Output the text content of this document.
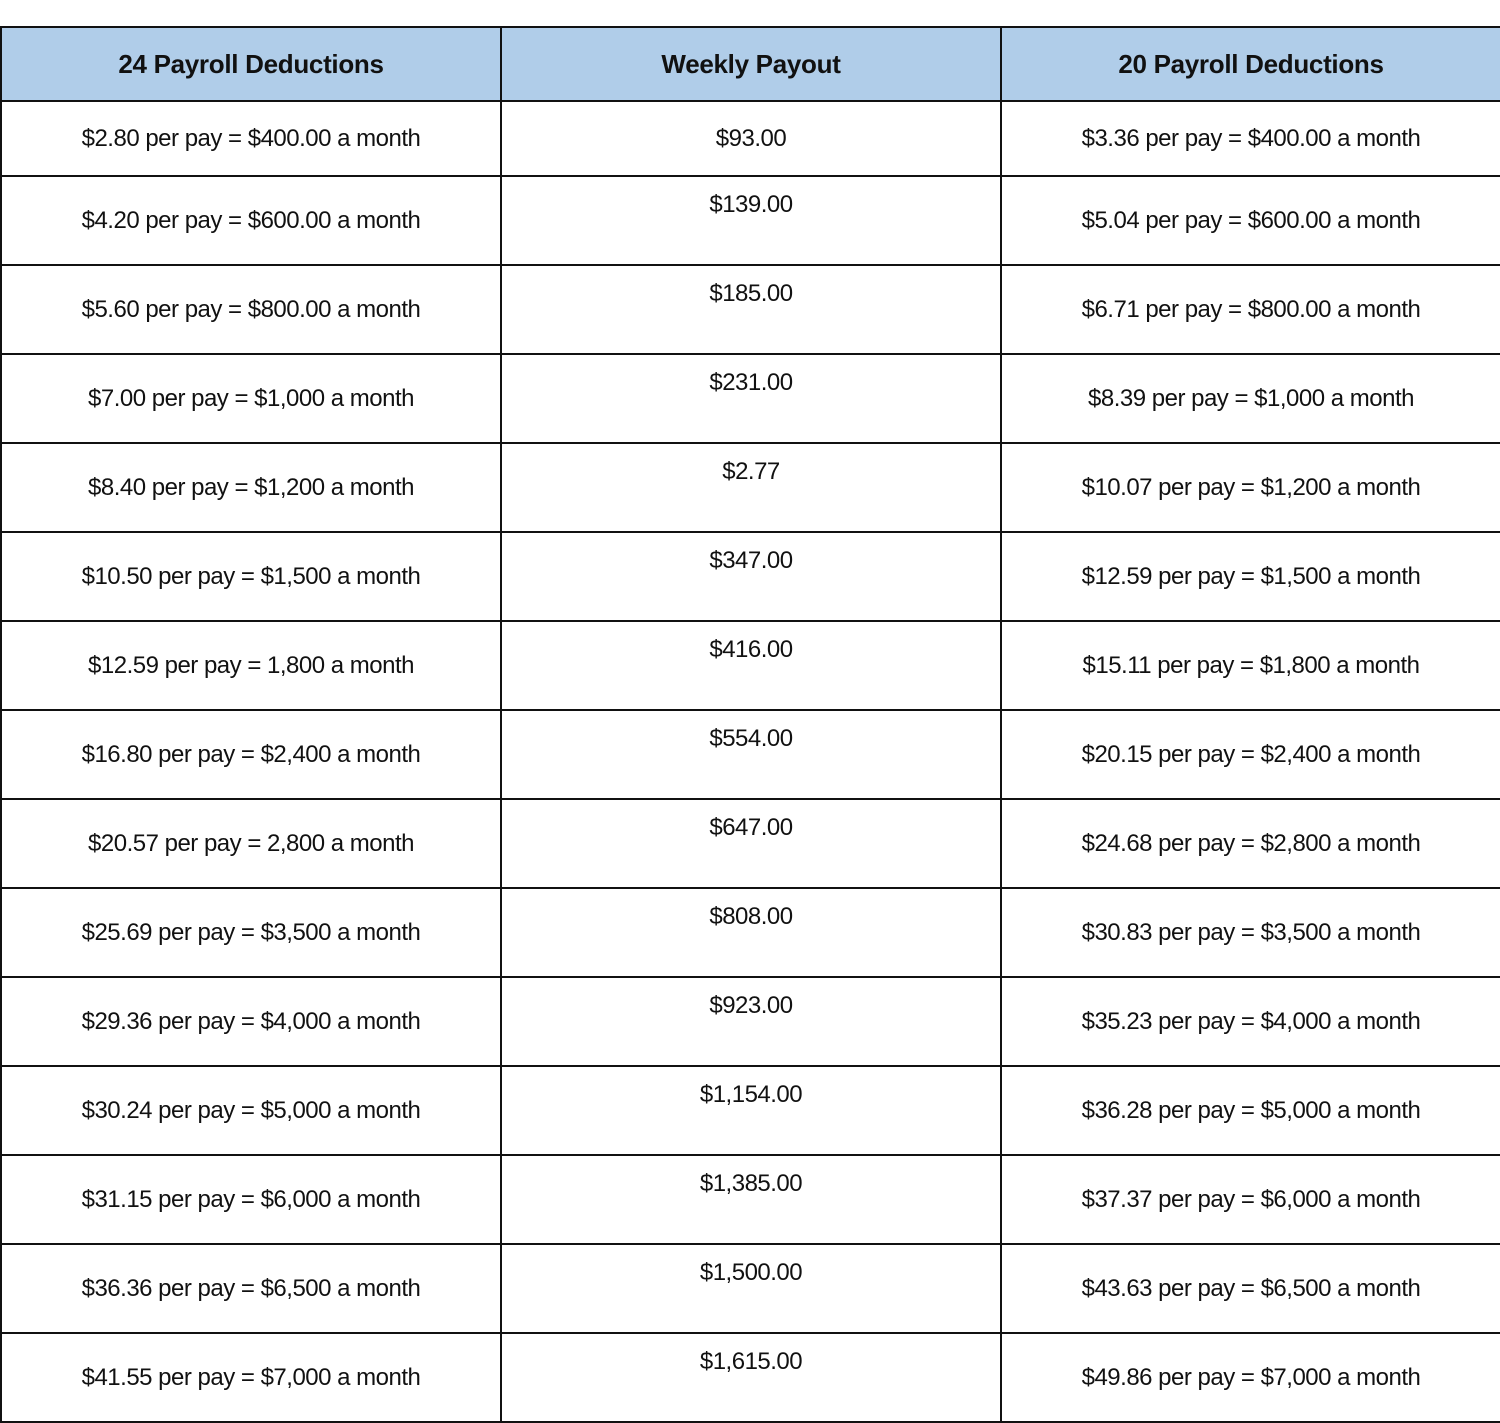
24 Payroll Deductions	Weekly Payout	20 Payroll Deductions
$2.80 per pay = $400.00 a month	$93.00	$3.36 per pay = $400.00 a month
$4.20 per pay = $600.00 a month	$139.00	$5.04 per pay = $600.00 a month
$5.60 per pay = $800.00 a month	$185.00	$6.71 per pay = $800.00 a month
$7.00 per pay = $1,000 a month	$231.00	$8.39 per pay = $1,000 a month
$8.40 per pay = $1,200 a month	$2.77	$10.07 per pay = $1,200 a month
$10.50 per pay = $1,500 a month	$347.00	$12.59 per pay = $1,500 a month
$12.59 per pay = 1,800 a month	$416.00	$15.11 per pay = $1,800 a month
$16.80 per pay = $2,400 a month	$554.00	$20.15 per pay = $2,400 a month
$20.57 per pay = 2,800 a month	$647.00	$24.68 per pay = $2,800 a month
$25.69 per pay = $3,500 a month	$808.00	$30.83 per pay = $3,500 a month
$29.36 per pay = $4,000 a month	$923.00	$35.23 per pay = $4,000 a month
$30.24 per pay = $5,000 a month	$1,154.00	$36.28 per pay = $5,000 a month
$31.15 per pay = $6,000 a month	$1,385.00	$37.37 per pay = $6,000 a month
$36.36 per pay = $6,500 a month	$1,500.00	$43.63 per pay = $6,500 a month
$41.55 per pay = $7,000 a month	$1,615.00	$49.86 per pay = $7,000 a month
